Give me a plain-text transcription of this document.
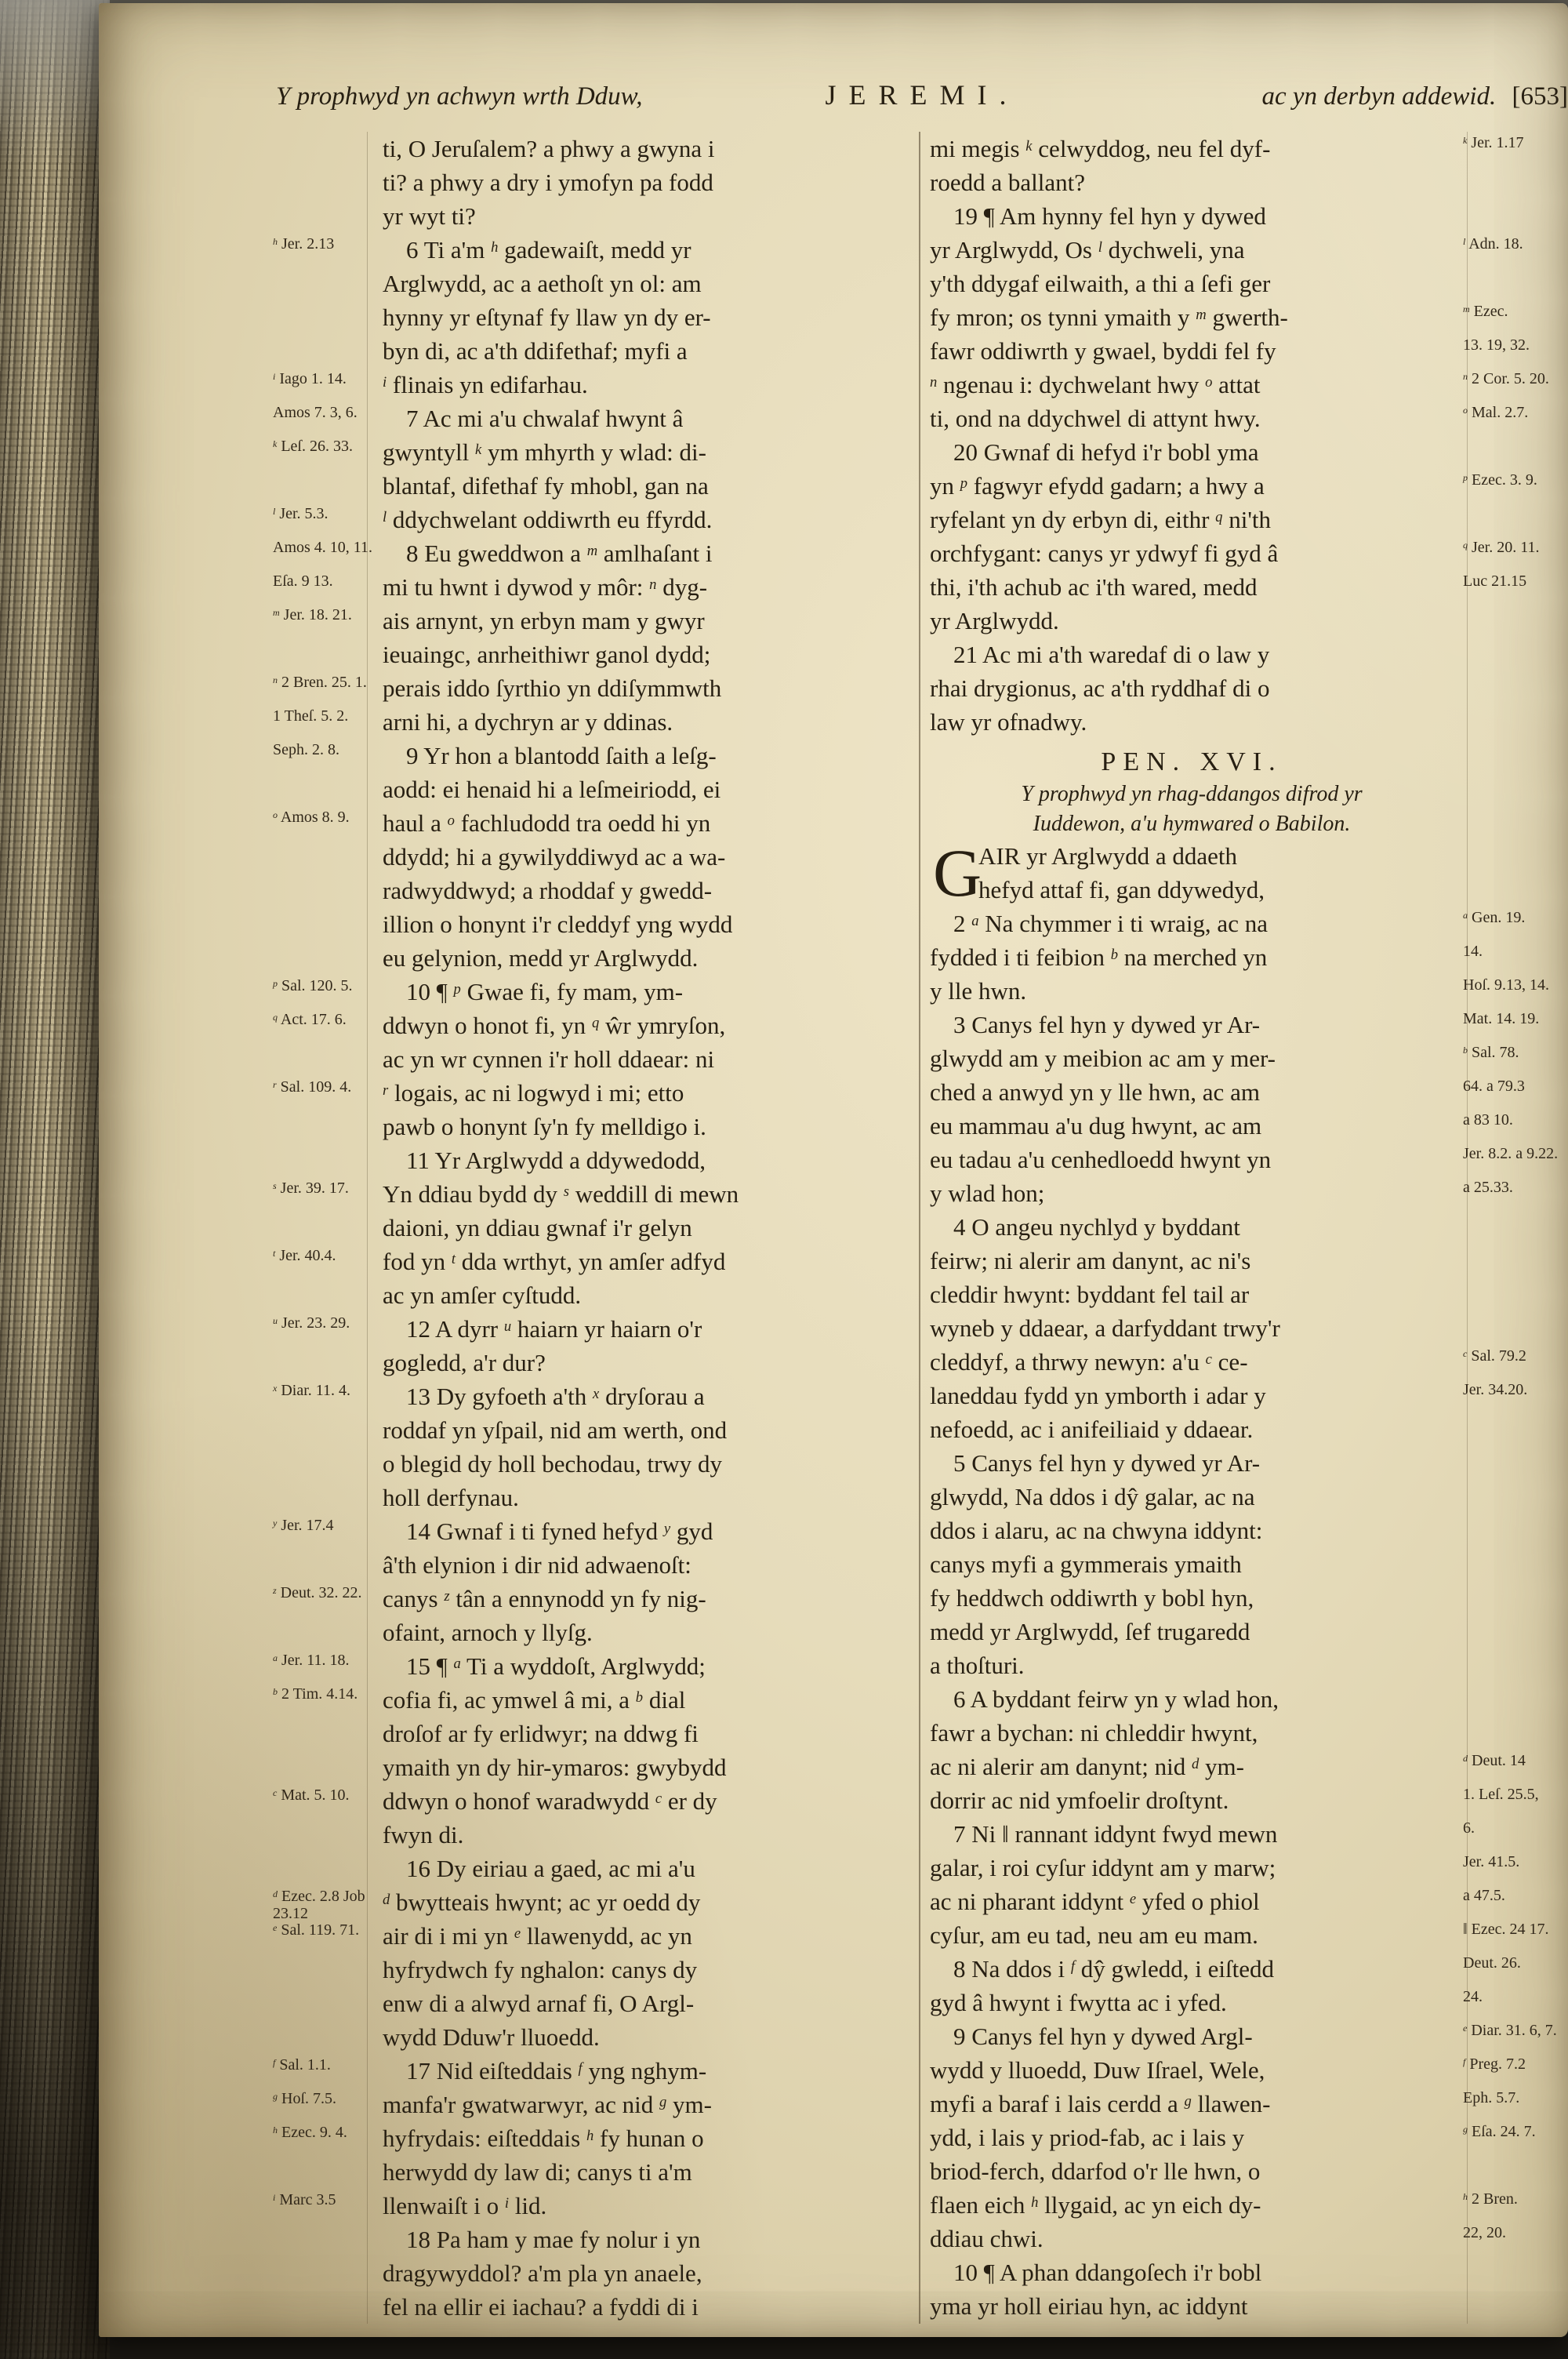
Y prophwyd yn achwyn wrth Dduw,	JEREMI.	ac yn derbyn addewid. [653]
ti, O Jeruſalem? a phwy a gwyna i
ti? a phwy a dry i ymofyn pa fodd
yr wyt ti?
6 Ti a'm $^h$ gadewaiſt, medd yr
$^h$ Jer. 2.13
Arglwydd, ac a aethoſt yn ol: am
hynny yr eſtynaf fy llaw yn dy er-
byn di, ac a'th ddifethaf; myfi a
$^i$ flinais yn edifarhau.
$^i$ Iago 1. 14.
7 Ac mi a'u chwalaf hwynt â
Amos 7. 3, 6.
gwyntyll $^k$ ym mhyrth y wlad: di-
$^k$ Leſ. 26. 33.
blantaf, difethaf fy mhobl, gan na
$^l$ ddychwelant oddiwrth eu ffyrdd.
$^l$ Jer. 5.3.
8 Eu gweddwon a $^m$ amlhaſant i
Amos 4. 10, 11.
mi tu hwnt i dywod y môr: $^n$ dyg-
Eſa. 9 13.
ais arnynt, yn erbyn mam y gwyr
$^m$ Jer. 18. 21.
ieuaingc, anrheithiwr ganol dydd;
perais iddo ſyrthio yn ddiſymmwth
$^n$ 2 Bren. 25. 1.
arni hi, a dychryn ar y ddinas.
1 Theſ. 5. 2.
9 Yr hon a blantodd ſaith a leſg-
Seph. 2. 8.
aodd: ei henaid hi a leſmeiriodd, ei
haul a $^o$ fachludodd tra oedd hi yn
$^o$ Amos 8. 9.
ddydd; hi a gywilyddiwyd ac a wa-
radwyddwyd; a rhoddaf y gwedd-
illion o honynt i'r cleddyf yng wydd
eu gelynion, medd yr Arglwydd.
10 ¶ $^p$ Gwae fi, fy mam, ym-
$^p$ Sal. 120. 5.
ddwyn o honot fi, yn $^q$ ŵr ymryſon,
$^q$ Act. 17. 6.
ac yn wr cynnen i'r holl ddaear: ni
$^r$ logais, ac ni logwyd i mi; etto
$^r$ Sal. 109. 4.
pawb o honynt ſy'n fy melldigo i.
11 Yr Arglwydd a ddywedodd,
Yn ddiau bydd dy $^s$ weddill di mewn
$^s$ Jer. 39. 17.
daioni, yn ddiau gwnaf i'r gelyn
fod yn $^t$ dda wrthyt, yn amſer adfyd
$^t$ Jer. 40.4.
ac yn amſer cyſtudd.
12 A dyrr $^u$ haiarn yr haiarn o'r
$^u$ Jer. 23. 29.
gogledd, a'r dur?
13 Dy gyfoeth a'th $^x$ dryſorau a
$^x$ Diar. 11. 4.
roddaf yn yſpail, nid am werth, ond
o blegid dy holl bechodau, trwy dy
holl derfynau.
14 Gwnaf i ti fyned hefyd $^y$ gyd
$^y$ Jer. 17.4
â'th elynion i dir nid adwaenoſt:
canys $^z$ tân a ennynodd yn fy nig-
$^z$ Deut. 32. 22.
ofaint, arnoch y llyſg.
15 ¶ $^a$ Ti a wyddoſt, Arglwydd;
$^a$ Jer. 11. 18.
cofia fi, ac ymwel â mi, a $^b$ dial
$^b$ 2 Tim. 4.14.
droſof ar fy erlidwyr; na ddwg fi
ymaith yn dy hir-ymaros: gwybydd
ddwyn o honof waradwydd $^c$ er dy
$^c$ Mat. 5. 10.
fwyn di.
16 Dy eiriau a gaed, ac mi a'u
$^d$ bwytteais hwynt; ac yr oedd dy
$^d$ Ezec. 2.8 Job 23.12
air di i mi yn $^e$ llawenydd, ac yn
$^e$ Sal. 119. 71.
hyfrydwch fy nghalon: canys dy
enw di a alwyd arnaf fi, O Argl-
wydd Dduw'r lluoedd.
17 Nid eiſteddais $^f$ yng nghym-
$^f$ Sal. 1.1.
manfa'r gwatwarwyr, ac nid $^g$ ym-
$^g$ Hoſ. 7.5.
hyfrydais: eiſteddais $^h$ fy hunan o
$^h$ Ezec. 9. 4.
herwydd dy law di; canys ti a'm
llenwaiſt i o $^i$ lid.
$^i$ Marc 3.5
18 Pa ham y mae fy nolur i yn
dragywyddol? a'm pla yn anaele,
fel na ellir ei iachau? a fyddi di i
mi megis $^k$ celwyddog, neu fel dyf-	$^k$ Jer. 1.17
roedd a ballant?
19 ¶ Am hynny fel hyn y dywed
yr Arglwydd, Os $^l$ dychweli, yna	$^l$ Adn. 18.
y'th ddygaf eilwaith, a thi a ſefi ger
fy mron; os tynni ymaith y $^m$ gwerth-	$^m$ Ezec.
fawr oddiwrth y gwael, byddi fel fy	13. 19, 32.
$^n$ ngenau i: dychwelant hwy $^o$ attat	$^n$ 2 Cor. 5. 20.
ti, ond na ddychwel di attynt hwy.	$^o$ Mal. 2.7.
20 Gwnaf di hefyd i'r bobl yma
yn $^p$ fagwyr efydd gadarn; a hwy a	$^p$ Ezec. 3. 9.
ryfelant yn dy erbyn di, eithr $^q$ ni'th
orchfygant: canys yr ydwyf fi gyd â	$^q$ Jer. 20. 11.
thi, i'th achub ac i'th wared, medd	Luc 21.15
yr Arglwydd.
21 Ac mi a'th waredaf di o law y
rhai drygionus, ac a'th ryddhaf di o
law yr ofnadwy.
PEN. XVI.
Y prophwyd yn rhag-ddangos difrod yr
Iuddewon, a'u hymwared o Babilon.
G
AIR yr Arglwydd a ddaeth
hefyd attaf fi, gan ddywedyd,
2 $^a$ Na chymmer i ti wraig, ac na	$^a$ Gen. 19.
fydded i ti feibion $^b$ na merched yn	14.
y lle hwn.	Hoſ. 9.13, 14.
3 Canys fel hyn y dywed yr Ar-	Mat. 14. 19.
glwydd am y meibion ac am y mer-	$^b$ Sal. 78.
ched a anwyd yn y lle hwn, ac am	64. a 79.3
eu mammau a'u dug hwynt, ac am	a 83 10.
eu tadau a'u cenhedloedd hwynt yn	Jer. 8.2. a 9.22.
y wlad hon;	a 25.33.
4 O angeu nychlyd y byddant
feirw; ni alerir am danynt, ac ni's
cleddir hwynt: byddant fel tail ar
wyneb y ddaear, a darfyddant trwy'r
cleddyf, a thrwy newyn: a'u $^c$ ce-	$^c$ Sal. 79.2
laneddau fydd yn ymborth i adar y	Jer. 34.20.
nefoedd, ac i anifeiliaid y ddaear.
5 Canys fel hyn y dywed yr Ar-
glwydd, Na ddos i dŷ galar, ac na
ddos i alaru, ac na chwyna iddynt:
canys myfi a gymmerais ymaith
fy heddwch oddiwrth y bobl hyn,
medd yr Arglwydd, ſef trugaredd
a thoſturi.
6 A byddant feirw yn y wlad hon,
fawr a bychan: ni chleddir hwynt,
ac ni alerir am danynt; nid $^d$ ym-	$^d$ Deut. 14
dorrir ac nid ymfoelir droſtynt.	1. Leſ. 25.5,
7 Ni ‖ rannant iddynt fwyd mewn	6.
galar, i roi cyſur iddynt am y marw;	Jer. 41.5.
ac ni pharant iddynt $^e$ yfed o phiol	a 47.5.
cyſur, am eu tad, neu am eu mam.	‖ Ezec. 24 17.
8 Na ddos i $^f$ dŷ gwledd, i eiſtedd	Deut. 26.
gyd â hwynt i fwytta ac i yfed.	24.
9 Canys fel hyn y dywed Argl-	$^e$ Diar. 31. 6, 7.
wydd y lluoedd, Duw Iſrael, Wele,	$^f$ Preg. 7.2
myfi a baraf i lais cerdd a $^g$ llawen-	Eph. 5.7.
ydd, i lais y priod-fab, ac i lais y	$^g$ Eſa. 24. 7.
briod-ferch, ddarfod o'r lle hwn, o
flaen eich $^h$ llygaid, ac yn eich dy-	$^h$ 2 Bren.
ddiau chwi.	22, 20.
10 ¶ A phan ddangoſech i'r bobl
yma yr holl eiriau hyn, ac iddynt
